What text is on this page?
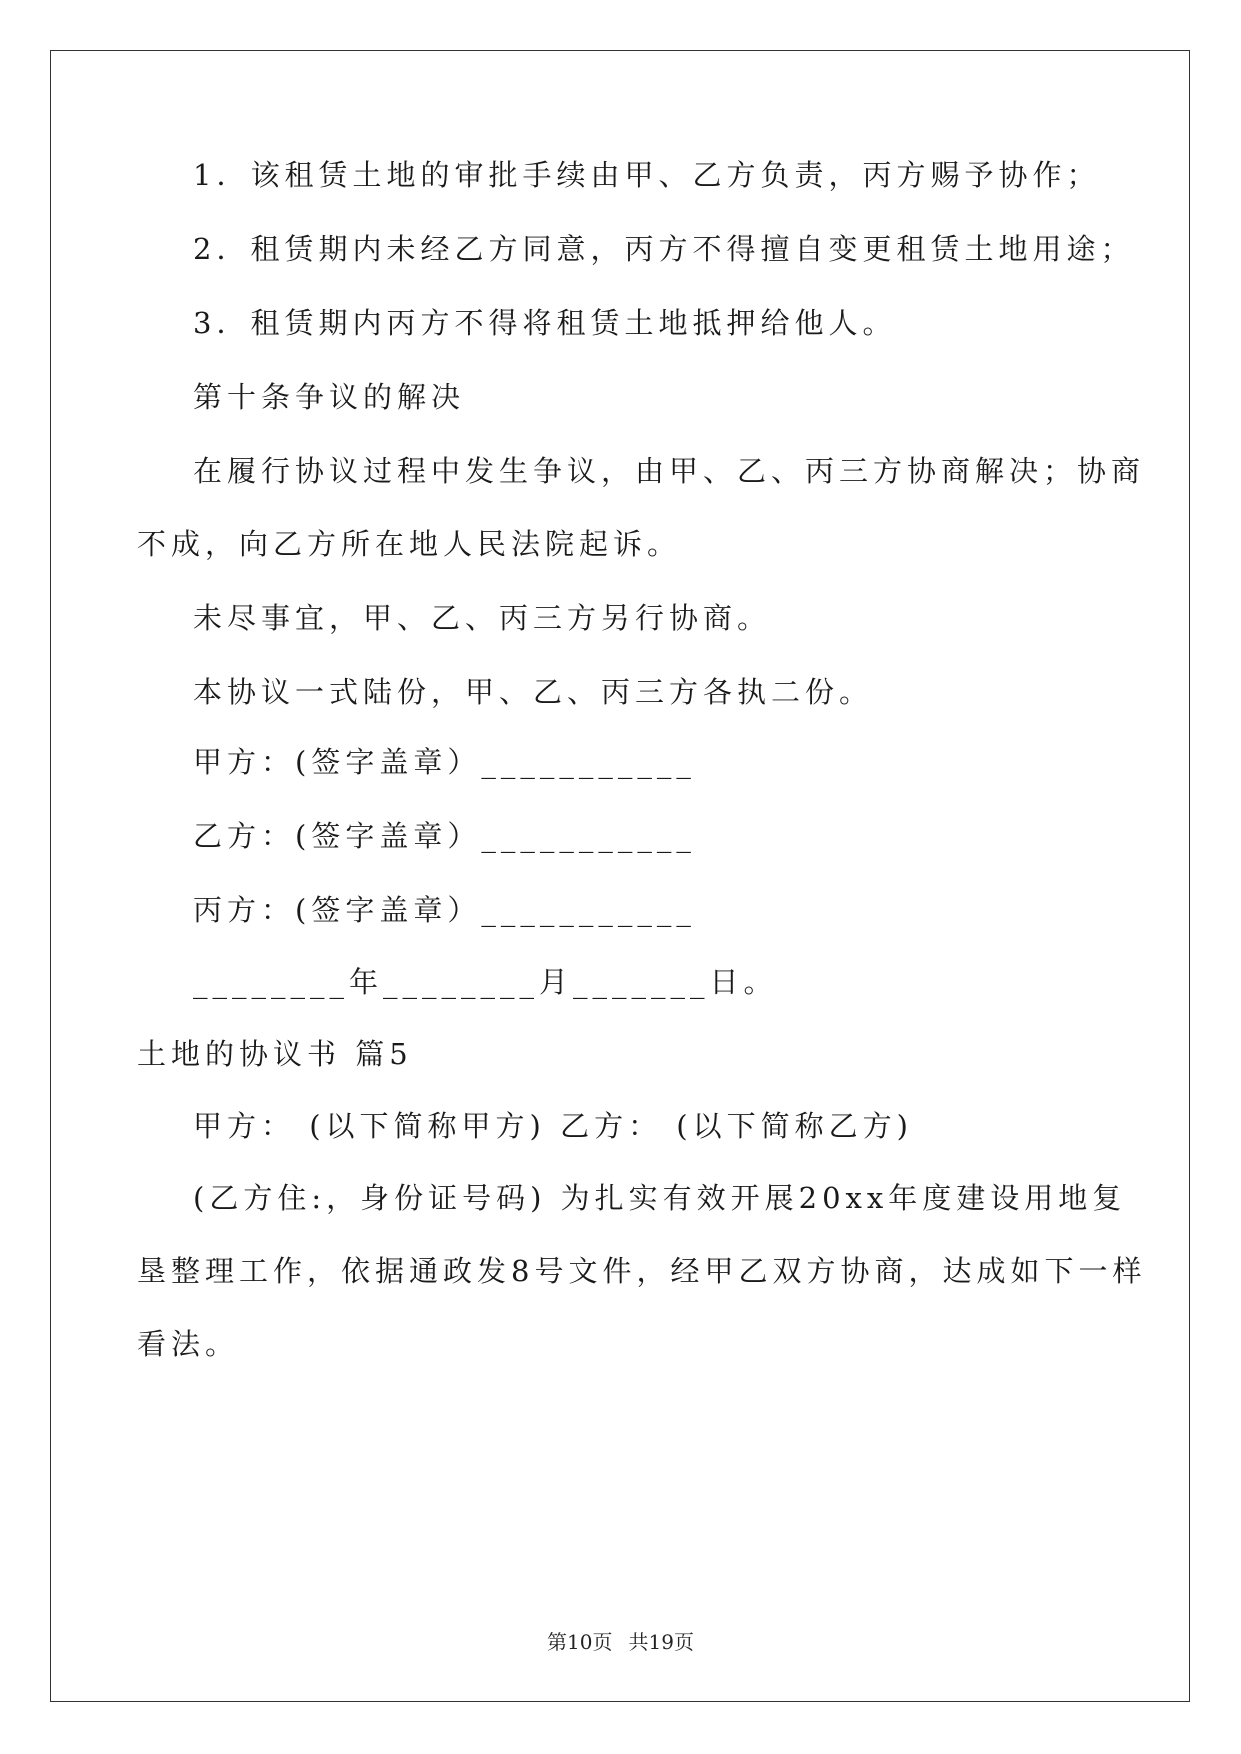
1．该租赁土地的审批手续由甲、乙方负责，丙方赐予协作；

2．租赁期内未经乙方同意，丙方不得擅自变更租赁土地用途；

3．租赁期内丙方不得将租赁土地抵押给他人。

第十条争议的解决

在履行协议过程中发生争议，由甲、乙、丙三方协商解决；协商

不成，向乙方所在地人民法院起诉。

未尽事宜，甲、乙、丙三方另行协商。

本协议一式陆份，甲、乙、丙三方各执二份。

甲方：(签字盖章）___________

乙方：(签字盖章）___________

丙方：(签字盖章）___________

________年________月_______日。

土地的协议书 篇5

甲方： (以下简称甲方) 乙方： (以下简称乙方)

(乙方住:，身份证号码) 为扎实有效开展20xx年度建设用地复

垦整理工作，依据通政发8号文件，经甲乙双方协商，达成如下一样

看法。

第10页 共19页
